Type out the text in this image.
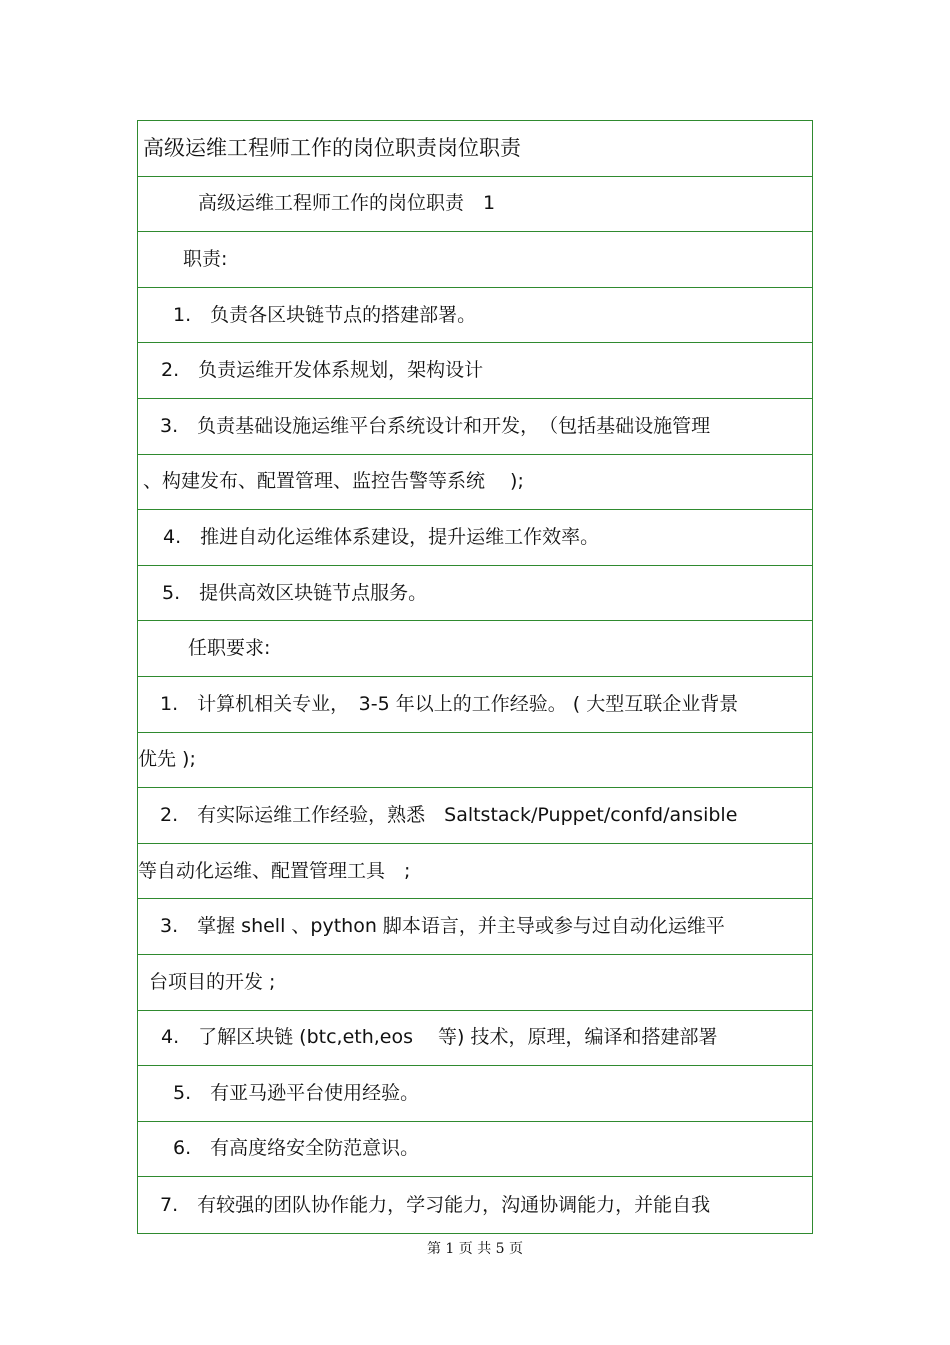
高级运维工程师工作的岗位职责岗位职责
高级运维工程师工作的岗位职责　1
职责:
1.　负责各区块链节点的搭建部署。
2.　负责运维开发体系规划，架构设计
3.　负责基础设施运维平台系统设计和开发，　（包括基础设施管理
、构建发布、配置管理、监控告警等系统　 );
4.　推进自动化运维体系建设，提升运维工作效率。
5.　提供高效区块链节点服务。
任职要求:
1.　计算机相关专业，　3-5 年以上的工作经验。 ( 大型互联企业背景
优先 );
2.　有实际运维工作经验，熟悉　Saltstack/Puppet/confd/ansible
等自动化运维、配置管理工具　;
3.　掌握 shell 、python 脚本语言，并主导或参与过自动化运维平
台项目的开发 ;
4.　了解区块链 (btc,eth,eos　 等) 技术，原理，编译和搭建部署
5.　有亚马逊平台使用经验。
6.　有高度络安全防范意识。
7.　有较强的团队协作能力，学习能力，沟通协调能力，并能自我
第 1 页 共 5 页
